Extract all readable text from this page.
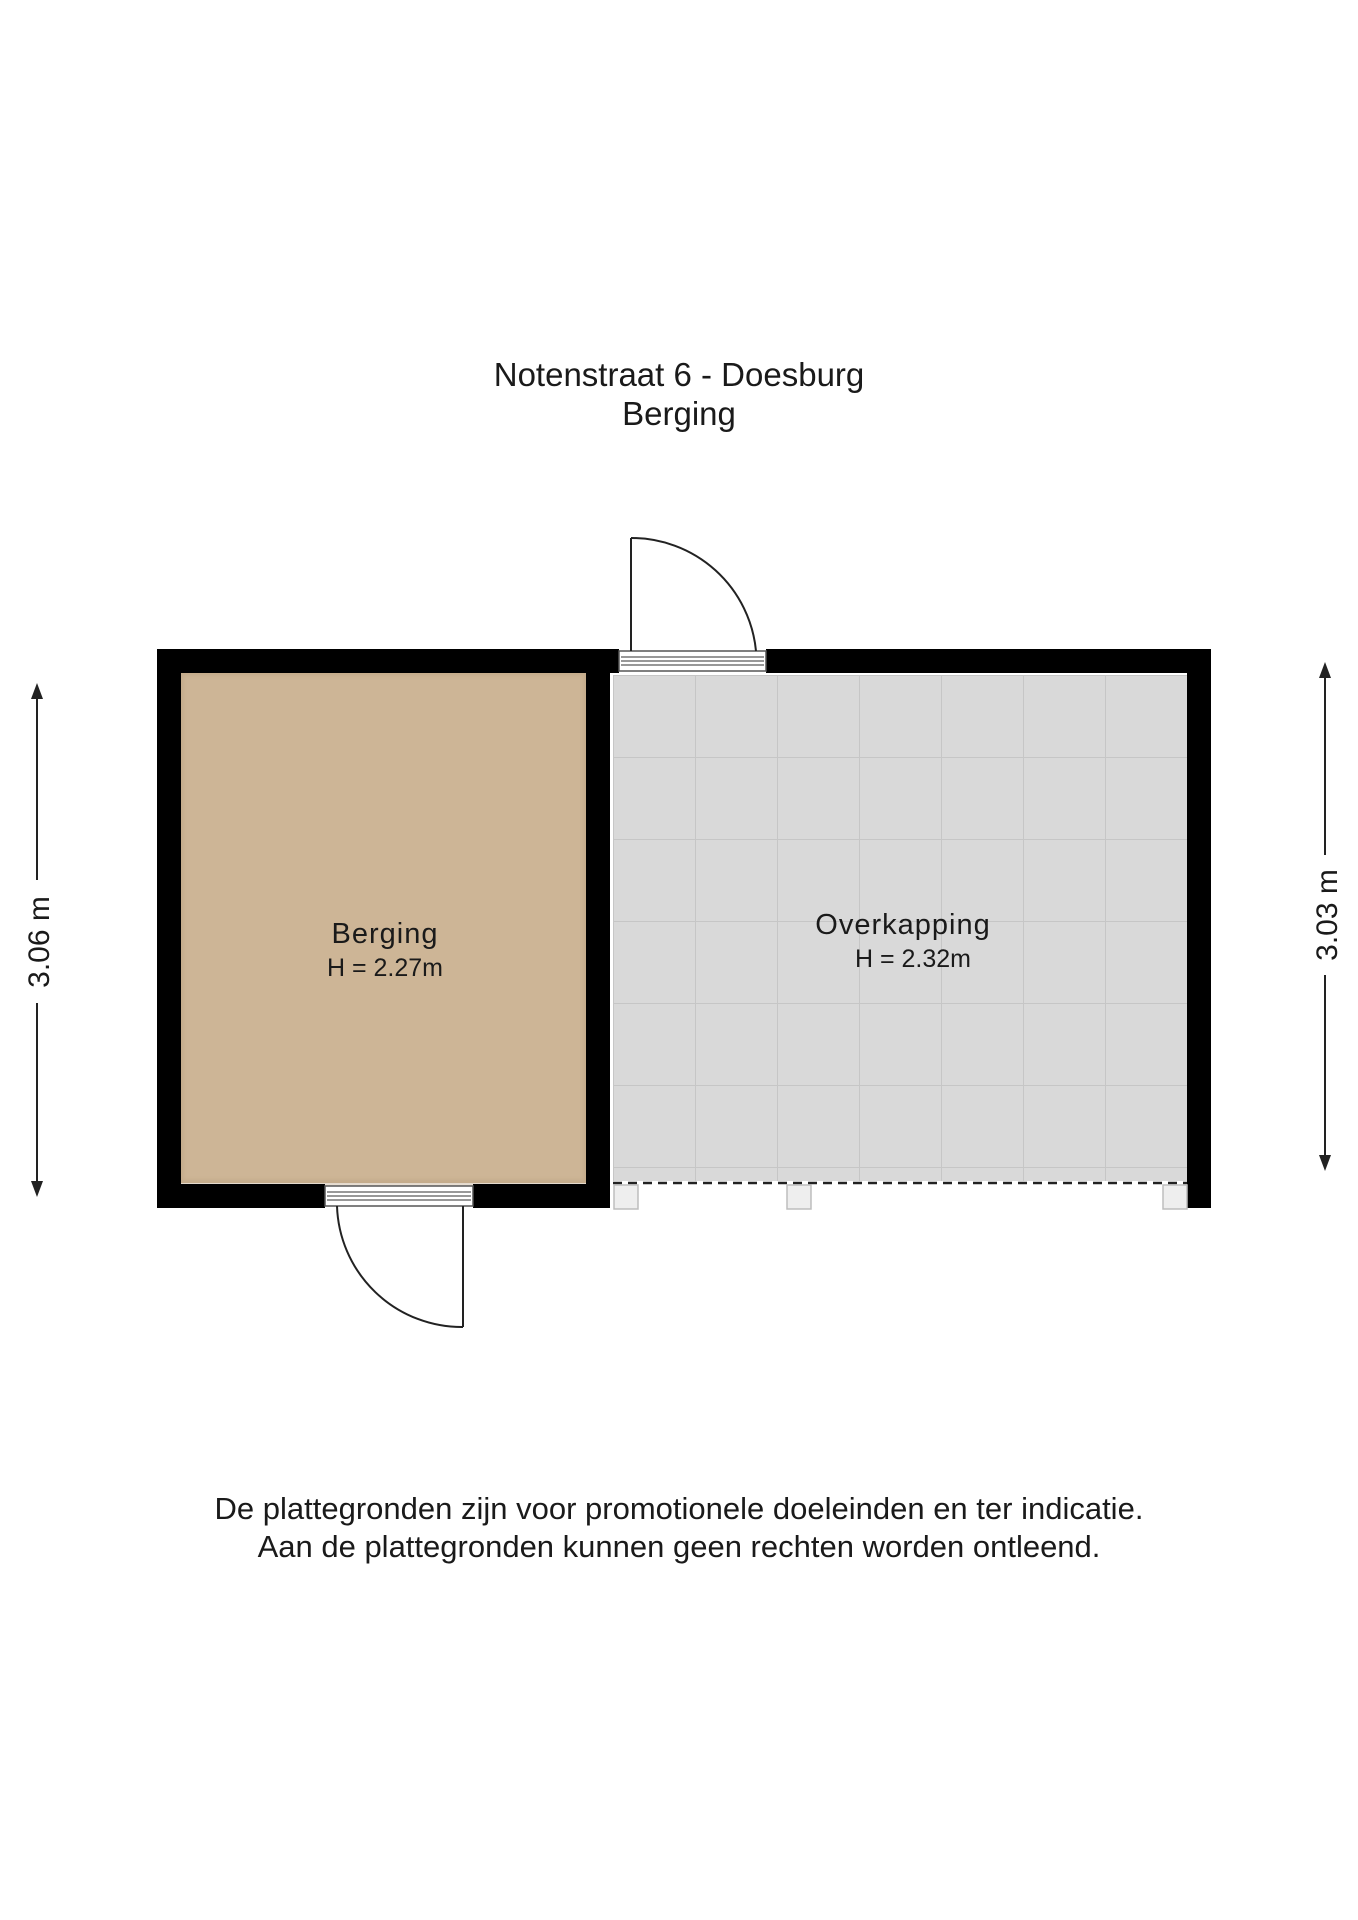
Notenstraat 6 - Doesburg
Berging
Berging
H = 2.27m
Overkapping
H = 2.32m
3.06 m	3.03 m
De plattegronden zijn voor promotionele doeleinden en ter indicatie.
Aan de plattegronden kunnen geen rechten worden ontleend.
